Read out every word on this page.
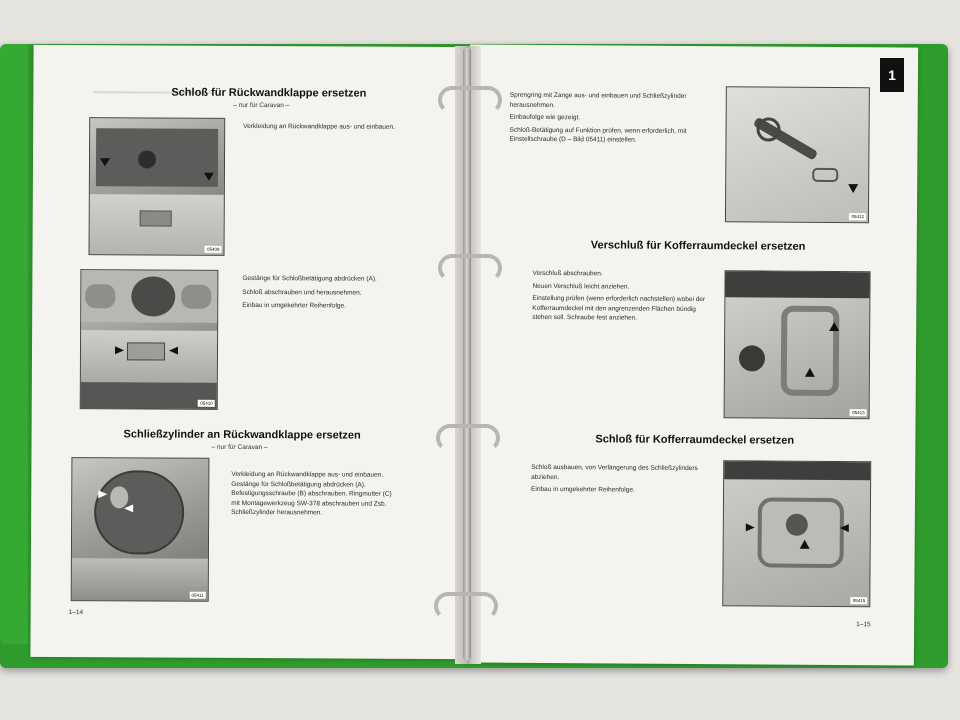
Schloß für Rückwandklappe ersetzen
– nur für Caravan –
05409
Verkleidung an Rückwandklappe aus- und einbauen.
05410
Gestänge für Schloßbetätigung abdrücken (A).
Schloß abschrauben und herausnehmen.
Einbau in umgekehrter Reihenfolge.
Schließzylinder an Rückwandklappe ersetzen
– nur für Caravan –
05411
Verkleidung an Rückwandklappe aus- und einbauen. Gestänge für Schloßbetätigung abdrücken (A). Befestigungsschraube (B) abschrauben. Ringmutter (C) mit Montagewerkzeug SW-378 abschrauben und Zsb. Schließzylinder herausnehmen.
1–14
Sprengring mit Zange aus- und einbauen und Schließzylinder herausnehmen.
Einbaufolge wie gezeigt.
Schloß-Betätigung auf Funktion prüfen, wenn erforderlich, mit Einstellschraube (D – Bild 05411) einstellen.
05412
Verschluß für Kofferraumdeckel ersetzen
Verschluß abschrauben.
Neuen Verschluß leicht anziehen.
Einstellung prüfen (wenn erforderlich nachstellen) wobei der Kofferraumdeckel mit den angrenzenden Flächen bündig stehen soll. Schraube fest anziehen.
05413
Schloß für Kofferraumdeckel ersetzen
Schloß ausbauen, von Verlängerung des Schließzylinders abziehen.
Einbau in umgekehrter Reihenfolge.
05415
1–15
1
